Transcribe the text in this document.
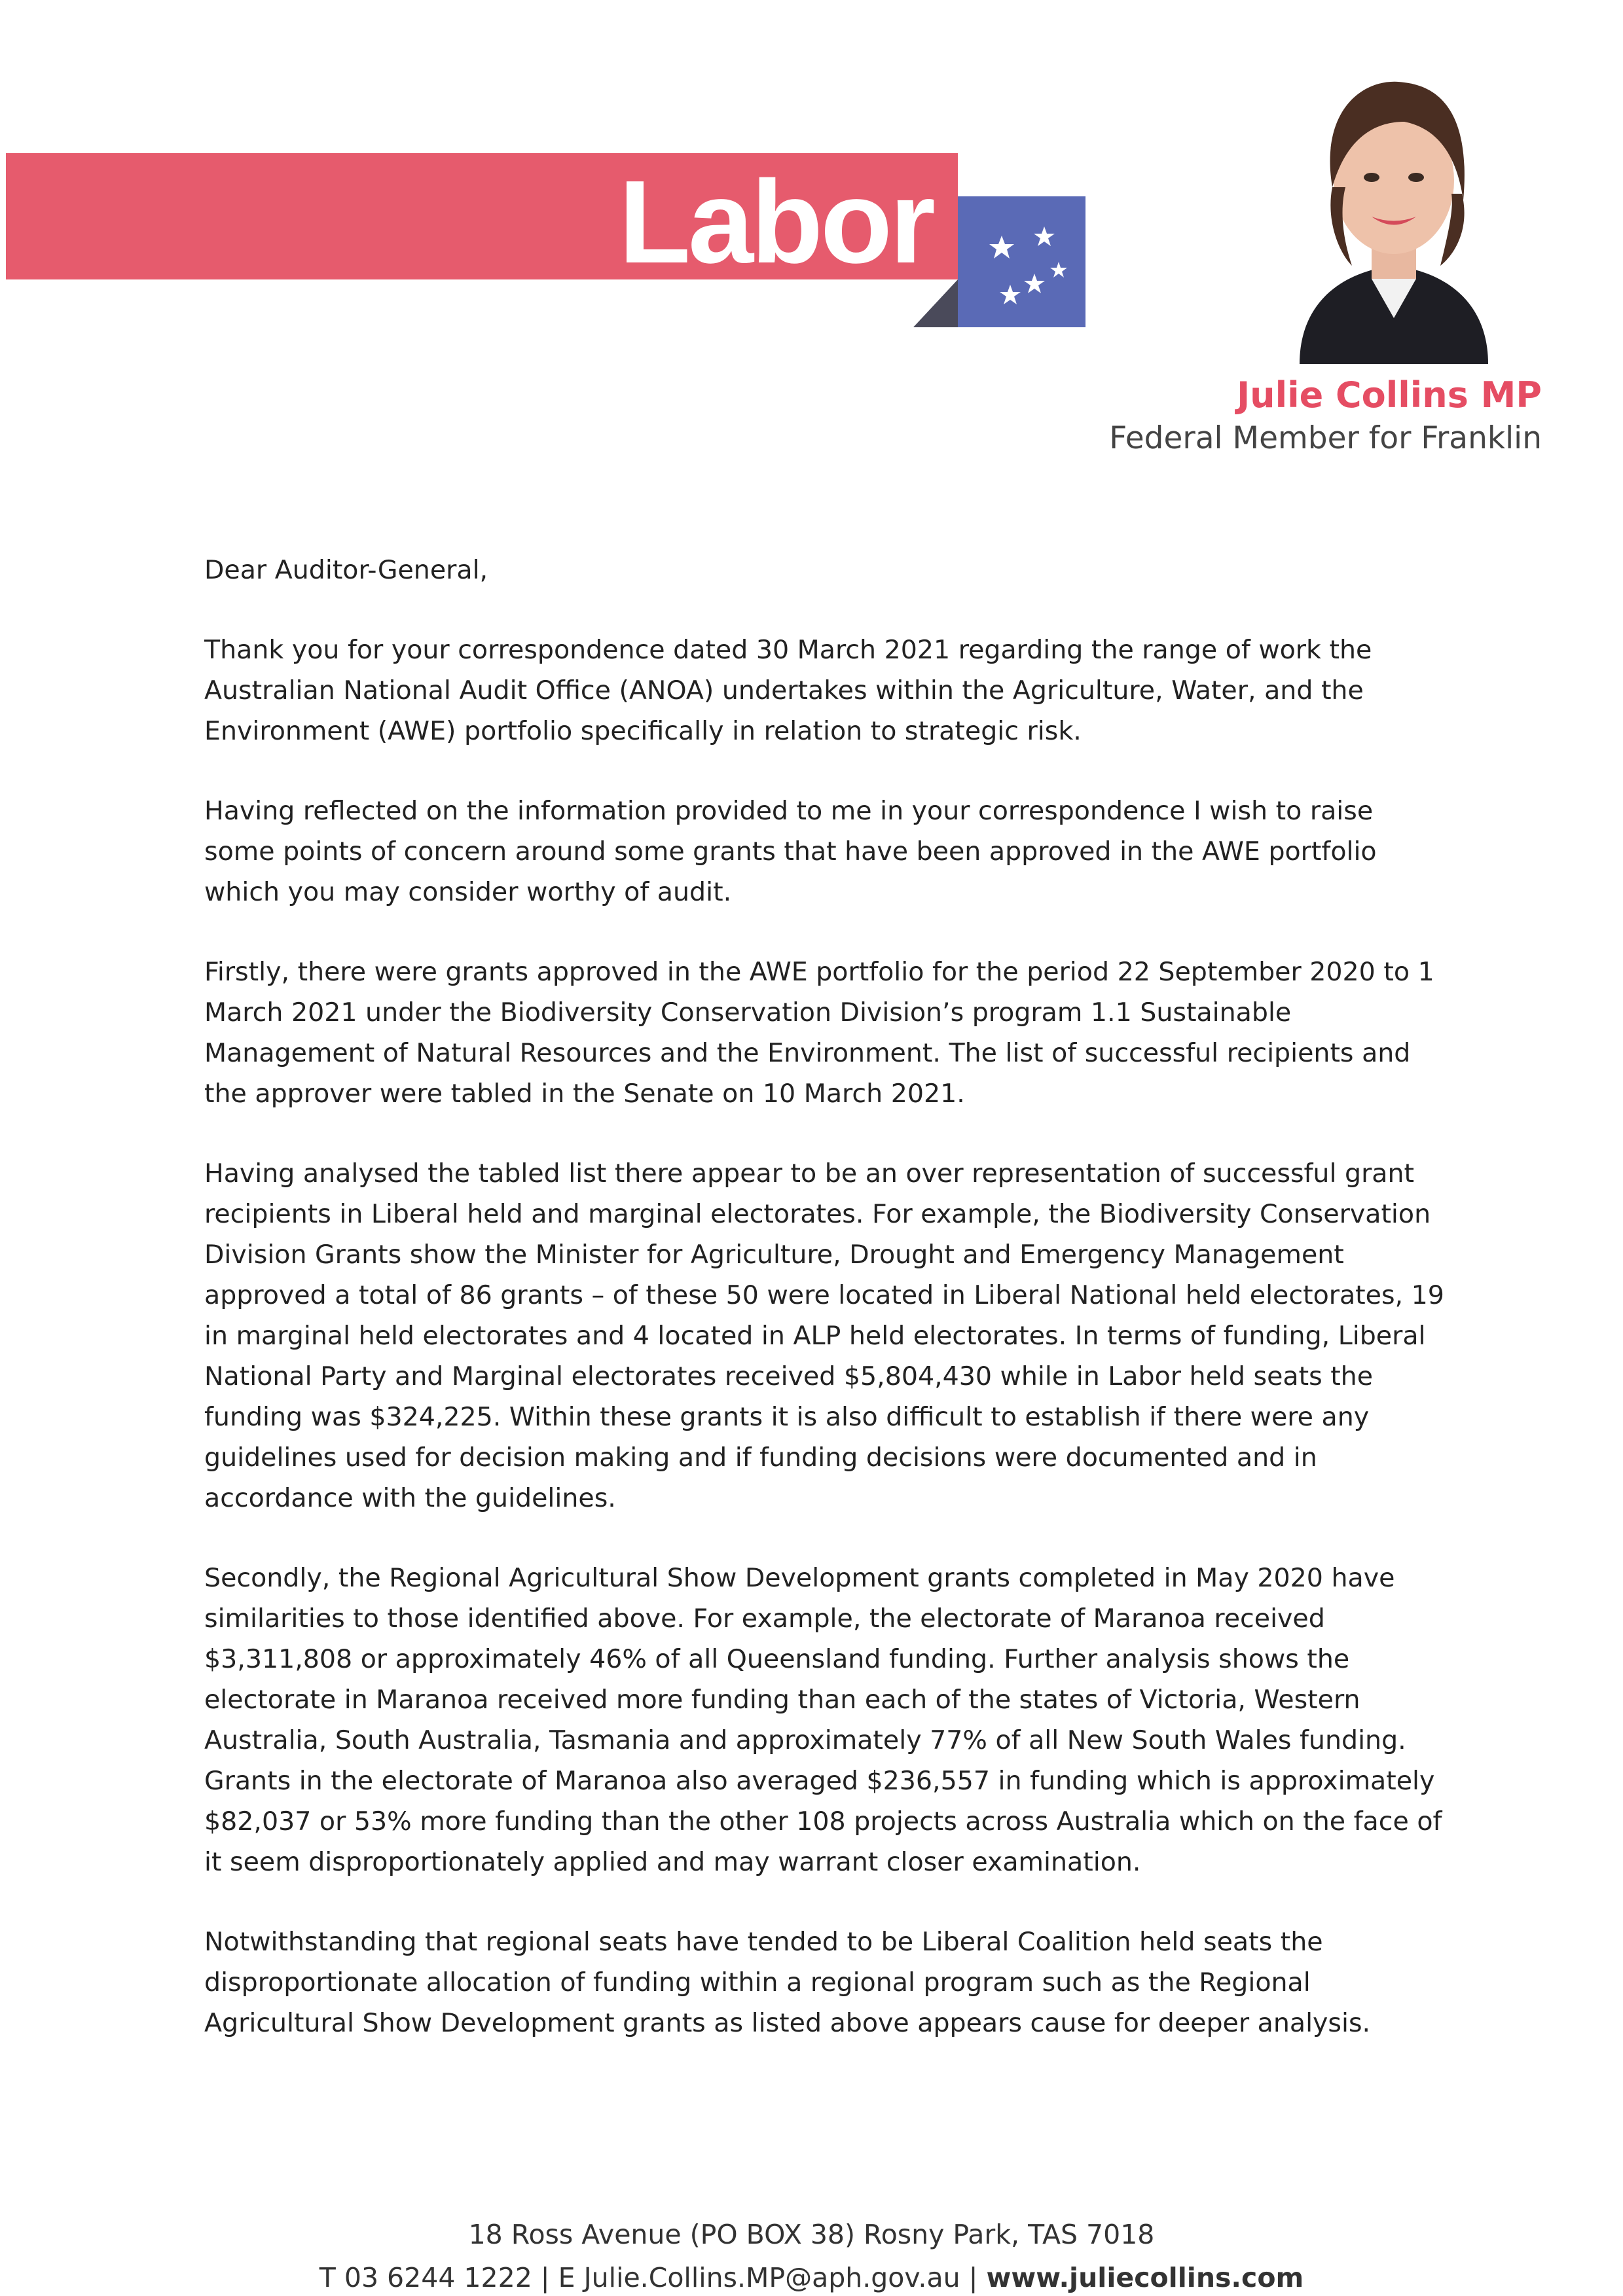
Labor
Julie Collins MP
Federal Member for Franklin

Dear Auditor-General,

Thank you for your correspondence dated 30 March 2021 regarding the range of work the Australian National Audit Office (ANOA) undertakes within the Agriculture, Water, and the Environment (AWE) portfolio specifically in relation to strategic risk.

Having reflected on the information provided to me in your correspondence I wish to raise some points of concern around some grants that have been approved in the AWE portfolio which you may consider worthy of audit.

Firstly, there were grants approved in the AWE portfolio for the period 22 September 2020 to 1 March 2021 under the Biodiversity Conservation Division’s program 1.1 Sustainable Management of Natural Resources and the Environment. The list of successful recipients and the approver were tabled in the Senate on 10 March 2021.

Having analysed the tabled list there appear to be an over representation of successful grant recipients in Liberal held and marginal electorates. For example, the Biodiversity Conservation Division Grants show the Minister for Agriculture, Drought and Emergency Management approved a total of 86 grants – of these 50 were located in Liberal National held electorates, 19 in marginal held electorates and 4 located in ALP held electorates. In terms of funding, Liberal National Party and Marginal electorates received $5,804,430 while in Labor held seats the funding was $324,225. Within these grants it is also difficult to establish if there were any guidelines used for decision making and if funding decisions were documented and in accordance with the guidelines.

Secondly, the Regional Agricultural Show Development grants completed in May 2020 have similarities to those identified above. For example, the electorate of Maranoa received $3,311,808 or approximately 46% of all Queensland funding. Further analysis shows the electorate in Maranoa received more funding than each of the states of Victoria, Western Australia, South Australia, Tasmania and approximately 77% of all New South Wales funding. Grants in the electorate of Maranoa also averaged $236,557 in funding which is approximately $82,037 or 53% more funding than the other 108 projects across Australia which on the face of it seem disproportionately applied and may warrant closer examination.

Notwithstanding that regional seats have tended to be Liberal Coalition held seats the disproportionate allocation of funding within a regional program such as the Regional Agricultural Show Development grants as listed above appears cause for deeper analysis.

18 Ross Avenue (PO BOX 38) Rosny Park, TAS 7018
T 03 6244 1222 | E Julie.Collins.MP@aph.gov.au | www.juliecollins.com
